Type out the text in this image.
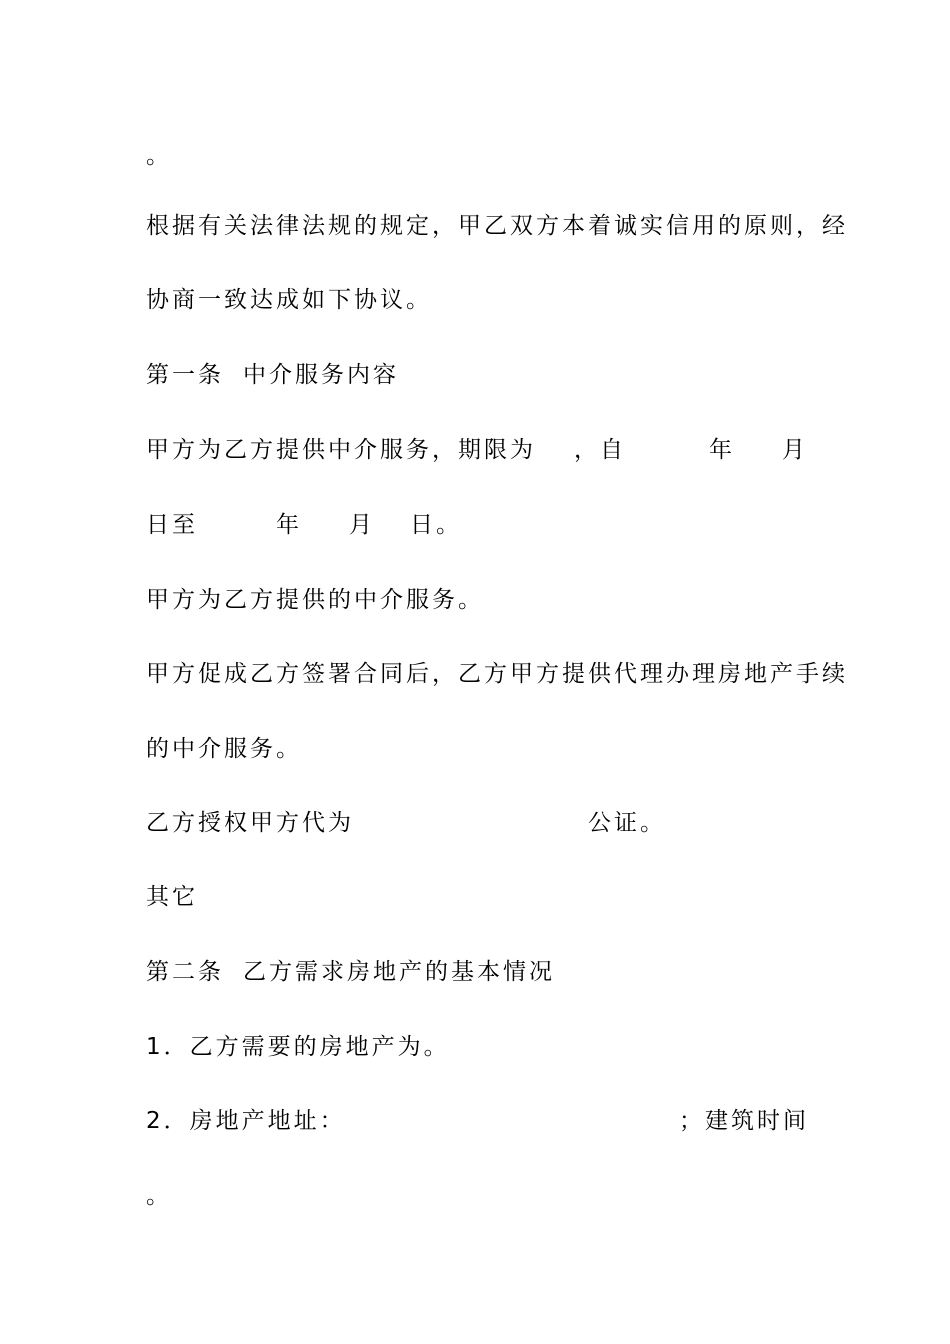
。
根据有关法律法规的规定，甲乙双方本着诚实信用的原则，经
协商一致达成如下协议。
第一条 中介服务内容
甲方为乙方提供中介服务，期限为 ，自	年 月
日至	年 月 日。
甲方为乙方提供的中介服务。
甲方促成乙方签署合同后，乙方甲方提供代理办理房地产手续
的中介服务。
乙方授权甲方代为	公证。
其它
第二条 乙方需求房地产的基本情况
1．乙方需要的房地产为。
2．房地产地址：	；建筑时间
。
